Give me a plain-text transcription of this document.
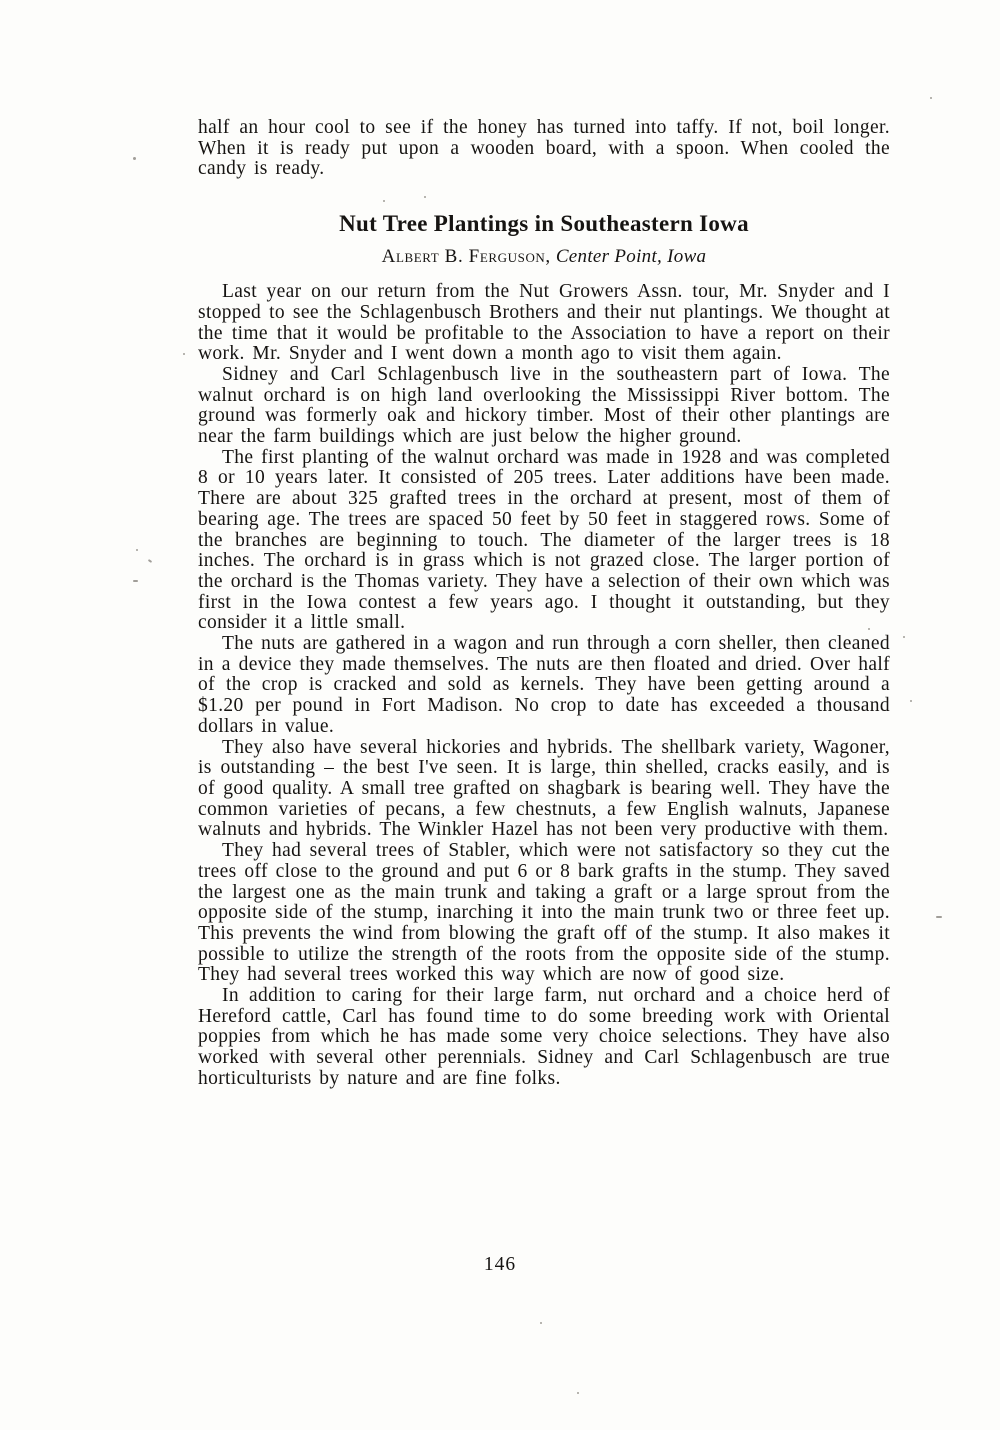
half an hour cool to see if the honey has turned into taffy. If not, boil longer. When it is ready put upon a wooden board, with a spoon. When cooled the candy is ready.

Nut Tree Plantings in Southeastern Iowa

Albert B. Ferguson, Center Point, Iowa

Last year on our return from the Nut Growers Assn. tour, Mr. Snyder and I stopped to see the Schlagenbusch Brothers and their nut plantings. We thought at the time that it would be profitable to the Association to have a report on their work. Mr. Snyder and I went down a month ago to visit them again.

Sidney and Carl Schlagenbusch live in the southeastern part of Iowa. The walnut orchard is on high land overlooking the Mississippi River bottom. The ground was formerly oak and hickory timber. Most of their other plantings are near the farm buildings which are just below the higher ground.

The first planting of the walnut orchard was made in 1928 and was completed 8 or 10 years later. It consisted of 205 trees. Later additions have been made. There are about 325 grafted trees in the orchard at present, most of them of bearing age. The trees are spaced 50 feet by 50 feet in staggered rows. Some of the branches are beginning to touch. The diameter of the larger trees is 18 inches. The orchard is in grass which is not grazed close. The larger portion of the orchard is the Thomas variety. They have a selection of their own which was first in the Iowa contest a few years ago. I thought it outstanding, but they consider it a little small.

The nuts are gathered in a wagon and run through a corn sheller, then cleaned in a device they made themselves. The nuts are then floated and dried. Over half of the crop is cracked and sold as kernels. They have been getting around a $1.20 per pound in Fort Madison. No crop to date has exceeded a thousand dollars in value.

They also have several hickories and hybrids. The shellbark variety, Wagoner, is outstanding – the best I've seen. It is large, thin shelled, cracks easily, and is of good quality. A small tree grafted on shagbark is bearing well. They have the common varieties of pecans, a few chestnuts, a few English walnuts, Japanese walnuts and hybrids. The Winkler Hazel has not been very productive with them.

They had several trees of Stabler, which were not satisfactory so they cut the trees off close to the ground and put 6 or 8 bark grafts in the stump. They saved the largest one as the main trunk and taking a graft or a large sprout from the opposite side of the stump, inarching it into the main trunk two or three feet up. This prevents the wind from blowing the graft off of the stump. It also makes it possible to utilize the strength of the roots from the opposite side of the stump. They had several trees worked this way which are now of good size.

In addition to caring for their large farm, nut orchard and a choice herd of Hereford cattle, Carl has found time to do some breeding work with Oriental poppies from which he has made some very choice selections. They have also worked with several other perennials. Sidney and Carl Schlagenbusch are true horticulturists by nature and are fine folks.

146
